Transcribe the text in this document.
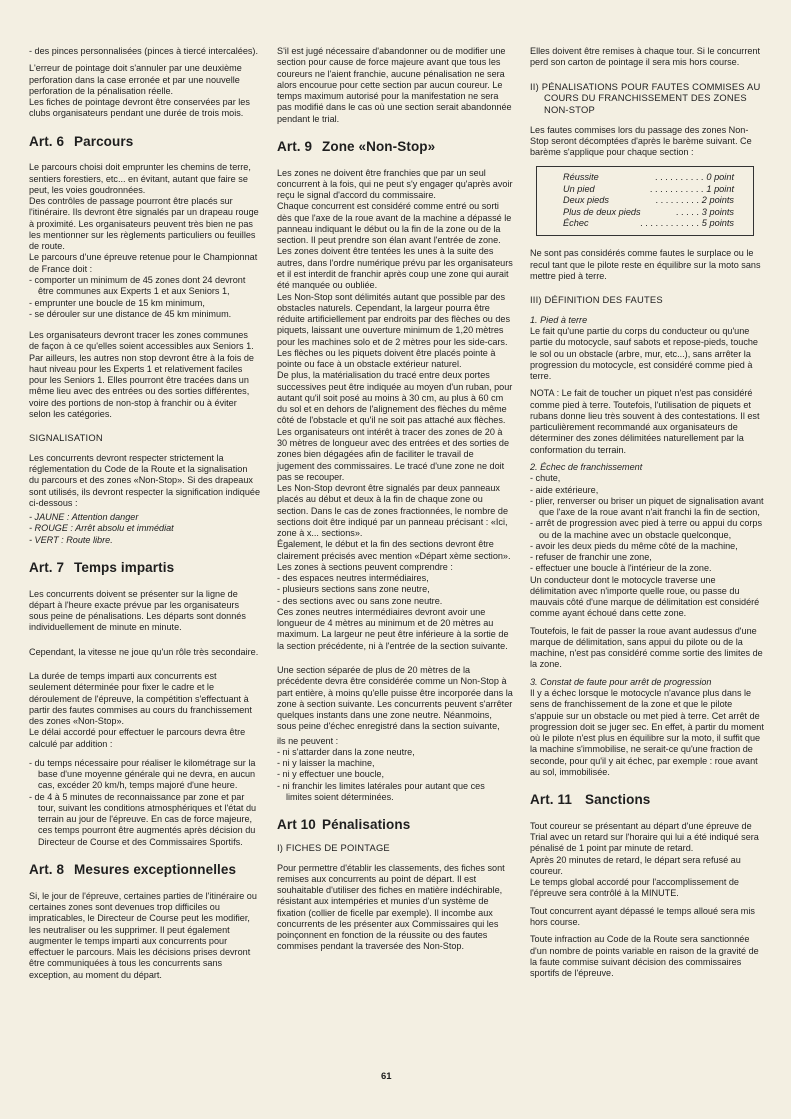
- des pinces personnalisées (pinces à tiercé intercalées).

L'erreur de pointage doit s'annuler par une deuxième perforation dans la case erronée et par une nouvelle perforation de la pénalisation réelle.

Les fiches de pointage devront être conservées par les clubs organisateurs pendant une durée de trois mois.

Art. 6 Parcours

Le parcours choisi doit emprunter les chemins de terre, sentiers forestiers, etc... en évitant, autant que faire se peut, les voies goudronnées.

Des contrôles de passage pourront être placés sur l'itinéraire. Ils devront être signalés par un drapeau rouge à proximité. Les organisateurs peuvent très bien ne pas les mentionner sur les règlements particuliers ou feuilles de route.

Le parcours d'une épreuve retenue pour le Championnat de France doit :

- comporter un minimum de 45 zones dont 24 devront être communes aux Experts 1 et aux Seniors 1,
- emprunter une boucle de 15 km minimum,
- se dérouler sur une distance de 45 km minimum.

Les organisateurs devront tracer les zones communes de façon à ce qu'elles soient accessibles aux Seniors 1. Par ailleurs, les autres non stop devront être à la fois de haut niveau pour les Experts 1 et relativement faciles pour les Seniors 1. Elles pourront être tracées dans un même lieu avec des entrées ou des sorties différentes, voire des portions de non-stop à franchir ou à éviter selon les catégories.

SIGNALISATION

Les concurrents devront respecter strictement la réglementation du Code de la Route et la signalisation du parcours et des zones «Non-Stop». Si des drapeaux sont utilisés, ils devront respecter la signification indiquée ci-dessous :

- JAUNE : Attention danger
- ROUGE : Arrêt absolu et immédiat
- VERT : Route libre.
Art. 7 Temps impartis

Les concurrents doivent se présenter sur la ligne de départ à l'heure exacte prévue par les organisateurs sous peine de pénalisations. Les départs sont donnés individuellement de minute en minute.

Cependant, la vitesse ne joue qu'un rôle très secondaire.

La durée de temps imparti aux concurrents est seulement déterminée pour fixer le cadre et le déroulement de l'épreuve, la compétition s'effectuant à partir des fautes commises au cours du franchissement des zones «Non-Stop».

Le délai accordé pour effectuer le parcours devra être calculé par addition :

- du temps nécessaire pour réaliser le kilométrage sur la base d'une moyenne générale qui ne devra, en aucun cas, excéder 20 km/h, temps majoré d'une heure.
- de 4 à 5 minutes de reconnaissance par zone et par tour, suivant les conditions atmosphériques et l'état du terrain au jour de l'épreuve. En cas de force majeure, ces temps pourront être augmentés après décision du Directeur de Course et des Commissaires Sportifs.
Art. 8 Mesures exceptionnelles

Si, le jour de l'épreuve, certaines parties de l'itinéraire ou certaines zones sont devenues trop difficiles ou impraticables, le Directeur de Course peut les modifier, les neutraliser ou les supprimer. Il peut également augmenter le temps imparti aux concurrents pour effectuer le parcours. Mais les décisions prises devront être communiquées à tous les concurrents sans exception, au moment du départ.

S'il est jugé nécessaire d'abandonner ou de modifier une section pour cause de force majeure avant que tous les coureurs ne l'aient franchie, aucune pénalisation ne sera alors encourue pour cette section par aucun coureur. Le temps maximum autorisé pour la manifestation ne sera pas modifié dans le cas où une section serait abandonnée pendant le trial.

Art. 9 Zone «Non-Stop»

Les zones ne doivent être franchies que par un seul concurrent à la fois, qui ne peut s'y engager qu'après avoir reçu le signal d'accord du commissaire.

Chaque concurrent est considéré comme entré ou sorti dès que l'axe de la roue avant de la machine a dépassé le panneau indiquant le début ou la fin de la zone ou de la section. Il peut prendre son élan avant l'entrée de zone.

Les zones doivent être tentées les unes à la suite des autres, dans l'ordre numérique prévu par les organisateurs et il est interdit de franchir après coup une zone qui aurait été manquée ou oubliée.

Les Non-Stop sont délimités autant que possible par des obstacles naturels. Cependant, la largeur pourra être réduite artificiellement par endroits par des flèches ou des piquets, laissant une ouverture minimum de 1,20 mètres pour les machines solo et de 2 mètres pour les side-cars.

Les flèches ou les piquets doivent être placés pointe à pointe ou face à un obstacle extérieur naturel.

De plus, la matérialisation du tracé entre deux portes successives peut être indiquée au moyen d'un ruban, pour autant qu'il soit posé au moins à 30 cm, au plus à 60 cm du sol et en dehors de l'alignement des flèches du même côté de l'obstacle et qu'il ne soit pas attaché aux flèches.

Les organisateurs ont intérêt à tracer des zones de 20 à 30 mètres de longueur avec des entrées et des sorties de zones bien dégagées afin de faciliter le travail de jugement des commissaires. Le tracé d'une zone ne doit pas se recouper.

Les Non-Stop devront être signalés par deux panneaux placés au début et deux à la fin de chaque zone ou section. Dans le cas de zones fractionnées, le nombre de sections doit être indiqué par un panneau précisant : «Ici, zone à x... sections».

Également, le début et la fin des sections devront être clairement précisés avec mention «Départ xème section». Les zones à sections peuvent comprendre :

- des espaces neutres intermédiaires,
- plusieurs sections sans zone neutre,
- des sections avec ou sans zone neutre.

Ces zones neutres intermédiaires devront avoir une longueur de 4 mètres au minimum et de 20 mètres au maximum. La largeur ne peut être inférieure à la sortie de la section précédente, ni à l'entrée de la section suivante.

Une section séparée de plus de 20 mètres de la précédente devra être considérée comme un Non-Stop à part entière, à moins qu'elle puisse être incorporée dans la zone à section suivante. Les concurrents peuvent s'arrêter quelques instants dans une zone neutre. Néanmoins, sous peine d'échec enregistré dans la section suivante,

ils ne peuvent :

- ni s'attarder dans la zone neutre,
- ni y laisser la machine,
- ni y effectuer une boucle,
- ni franchir les limites latérales pour autant que ces limites soient déterminées.
Art 10 Pénalisations
I) FICHES DE POINTAGE

Pour permettre d'établir les classements, des fiches sont remises aux concurrents au point de départ. Il est souhaitable d'utiliser des fiches en matière indéchirable, résistant aux intempéries et munies d'un système de fixation (collier de ficelle par exemple). Il incombe aux concurrents de les présenter aux Commissaires qui les poinçonnent en fonction de la réussite ou des fautes commises pendant la traversée des Non-Stop.

Elles doivent être remises à chaque tour. Si le concurrent perd son carton de pointage il sera mis hors course.

II) PÉNALISATIONS POUR FAUTES COMMISES AU COURS DU FRANCHISSEMENT DES ZONES NON-STOP

Les fautes commises lors du passage des zones Non-Stop seront décomptées d'après le barème suivant. Ce barème s'applique pour chaque section :

Réussite	. . . . . . . . . . 0 point
Un pied	. . . . . . . . . . . 1 point
Deux pieds	. . . . . . . . . 2 points
Plus de deux pieds	. . . . . 3 points
Échec	. . . . . . . . . . . . 5 points

Ne sont pas considérés comme fautes le surplace ou le recul tant que le pilote reste en équilibre sur la moto sans mettre pied à terre.

III) DÉFINITION DES FAUTES

1. Pied à terre

Le fait qu'une partie du corps du conducteur ou qu'une partie du motocycle, sauf sabots et repose-pieds, touche le sol ou un obstacle (arbre, mur, etc...), sans arrêter la progression du motocycle, est considéré comme pied à terre.

NOTA : Le fait de toucher un piquet n'est pas considéré comme pied à terre. Toutefois, l'utilisation de piquets et rubans donne lieu très souvent à des contestations. Il est particulièrement recommandé aux organisateurs de déterminer des zones délimitées naturellement par la conformation du terrain.

2. Échec de franchissement

- chute,
- aide extérieure,
- plier, renverser ou briser un piquet de signalisation avant que l'axe de la roue avant n'ait franchi la fin de section,
- arrêt de progression avec pied à terre ou appui du corps ou de la machine avec un obstacle quelconque,
- avoir les deux pieds du même côté de la machine,
- refuser de franchir une zone,
- effectuer une boucle à l'intérieur de la zone.

Un conducteur dont le motocycle traverse une délimitation avec n'importe quelle roue, ou passe du mauvais côté d'une marque de délimitation est considéré comme ayant échoué dans cette zone.

Toutefois, le fait de passer la roue avant audessus d'une marque de délimitation, sans appui du pilote ou de la machine, n'est pas considéré comme sortie des limites de la zone.

3. Constat de faute pour arrêt de progression

Il y a échec lorsque le motocycle n'avance plus dans le sens de franchissement de la zone et que le pilote s'appuie sur un obstacle ou met pied à terre. Cet arrêt de progression doit se juger sec. En effet, à partir du moment où le pilote n'est plus en équilibre sur la moto, il suffit que la machine s'immobilise, ne serait-ce qu'une fraction de seconde, pour qu'il y ait échec, par exemple : roue avant au sol, immobilisée.

Art. 11 Sanctions

Tout coureur se présentant au départ d'une épreuve de Trial avec un retard sur l'horaire qui lui a été indiqué sera pénalisé de 1 point par minute de retard.

Après 20 minutes de retard, le départ sera refusé au coureur.

Le temps global accordé pour l'accomplissement de l'épreuve sera contrôlé à la MINUTE.

Tout concurrent ayant dépassé le temps alloué sera mis hors course.

Toute infraction au Code de la Route sera sanctionnée d'un nombre de points variable en raison de la gravité de la faute commise suivant décision des commissaires sportifs de l'épreuve.

61
